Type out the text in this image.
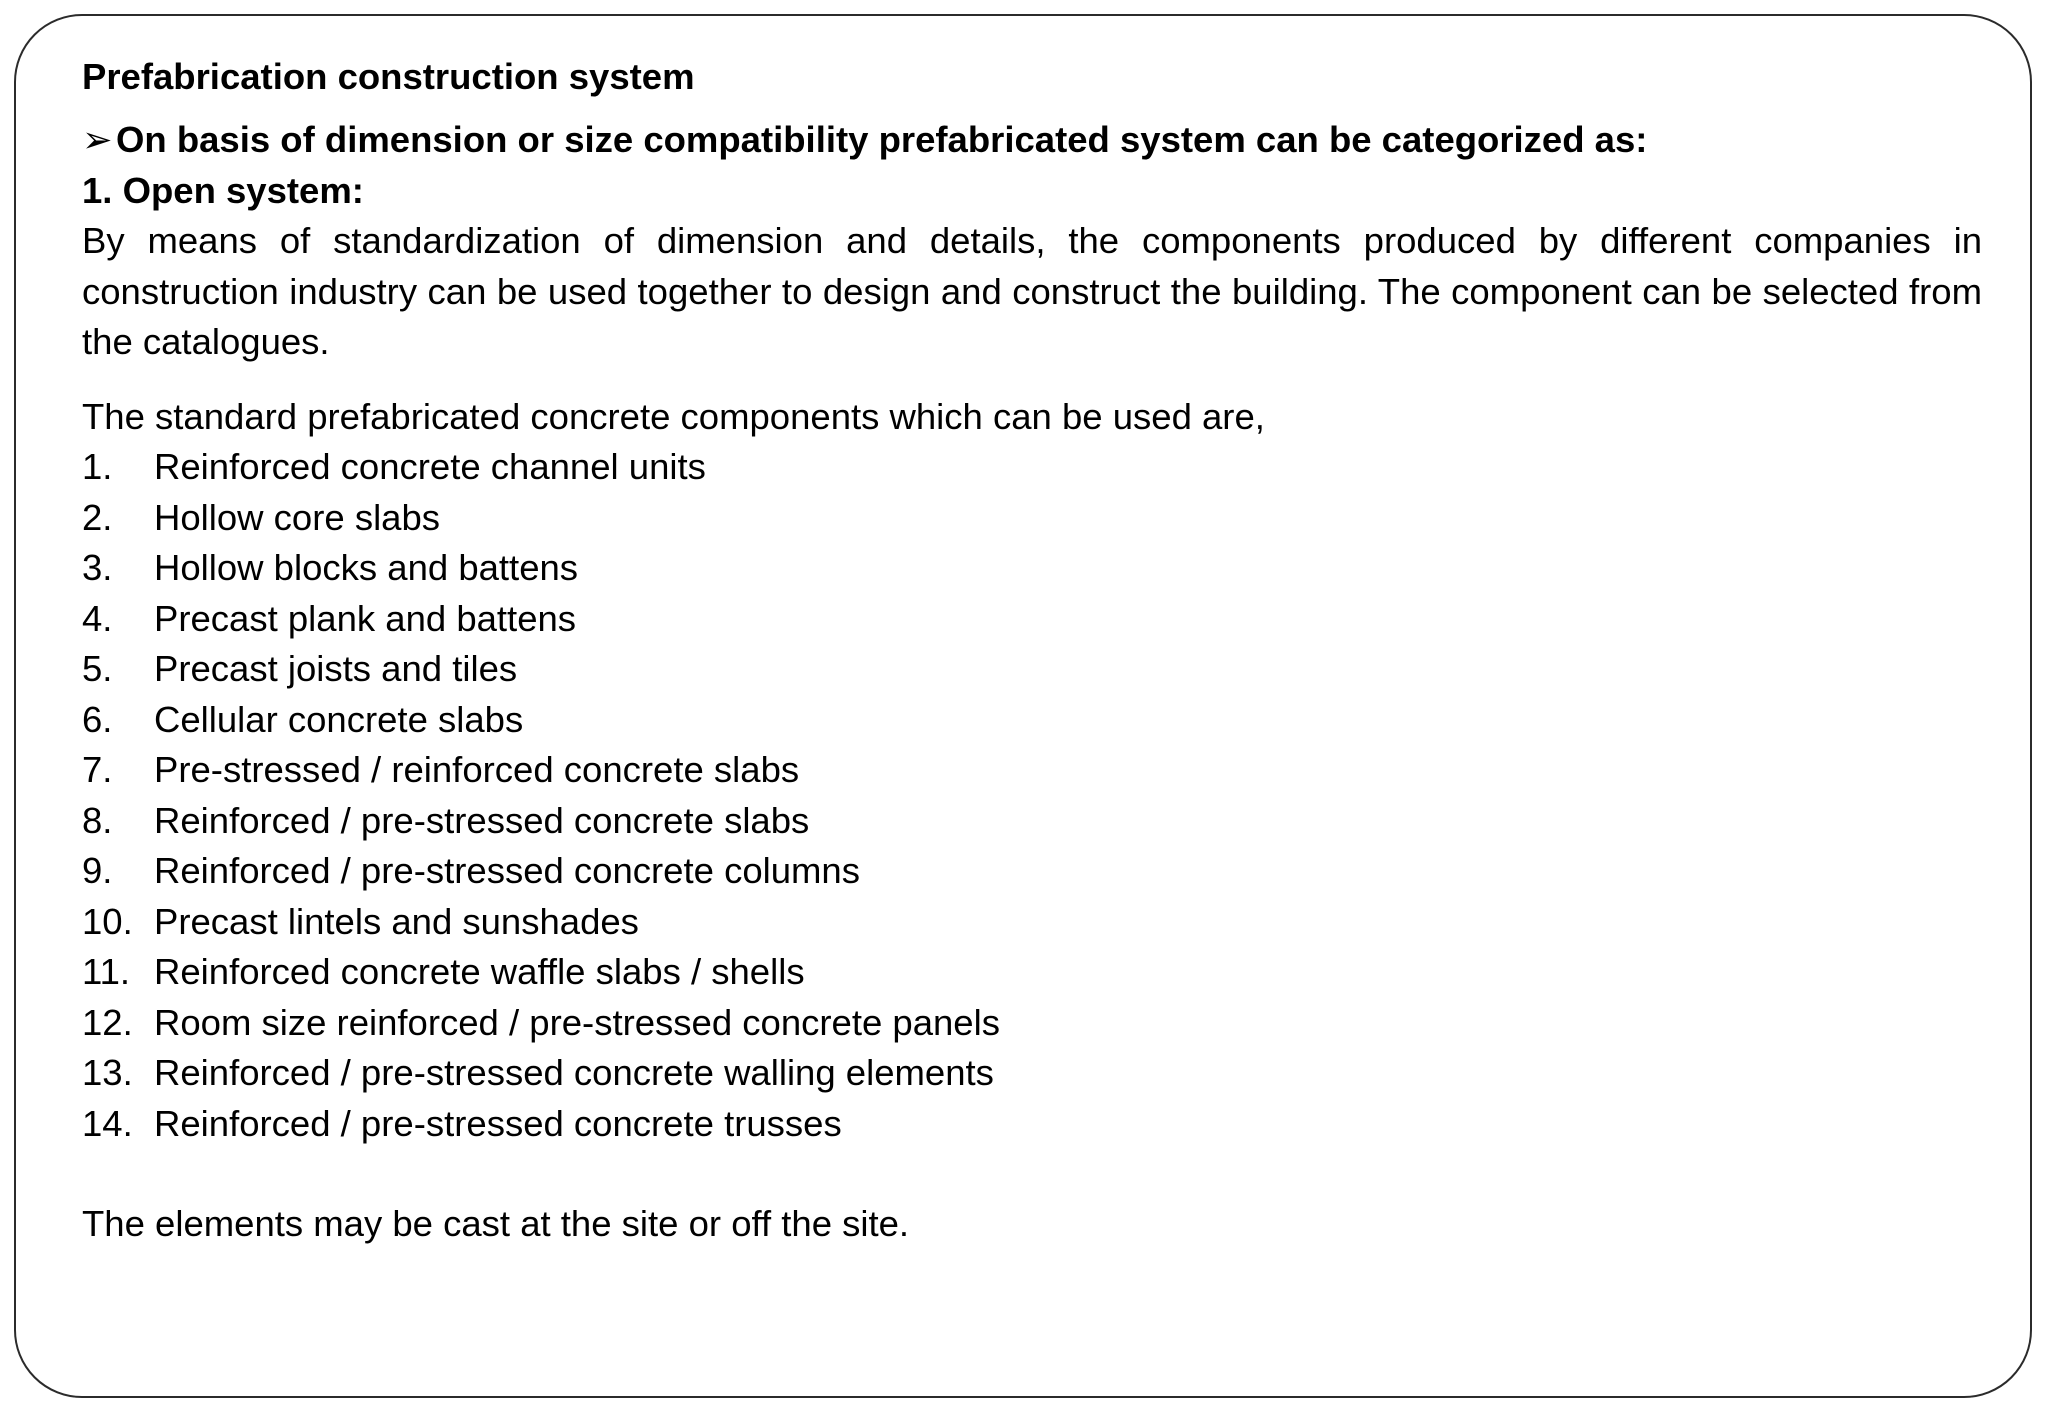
Prefabrication construction system
➢ On basis of dimension or size compatibility prefabricated system can be categorized as:
1. Open system:
By means of standardization of dimension and details, the components produced by different companies in construction industry can be used together to design and construct the building. The component can be selected from the catalogues.
The standard prefabricated concrete components which can be used are,
1.	Reinforced concrete channel units
2.	Hollow core slabs
3.	Hollow blocks and battens
4.	Precast plank and battens
5.	Precast joists and tiles
6.	Cellular concrete slabs
7.	Pre-stressed / reinforced concrete slabs
8.	Reinforced / pre-stressed concrete slabs
9.	Reinforced / pre-stressed concrete columns
10. Precast lintels and sunshades
11. Reinforced concrete waffle slabs / shells
12. Room size reinforced / pre-stressed concrete panels
13. Reinforced / pre-stressed concrete walling elements
14. Reinforced / pre-stressed concrete trusses
The elements may be cast at the site or off the site.
